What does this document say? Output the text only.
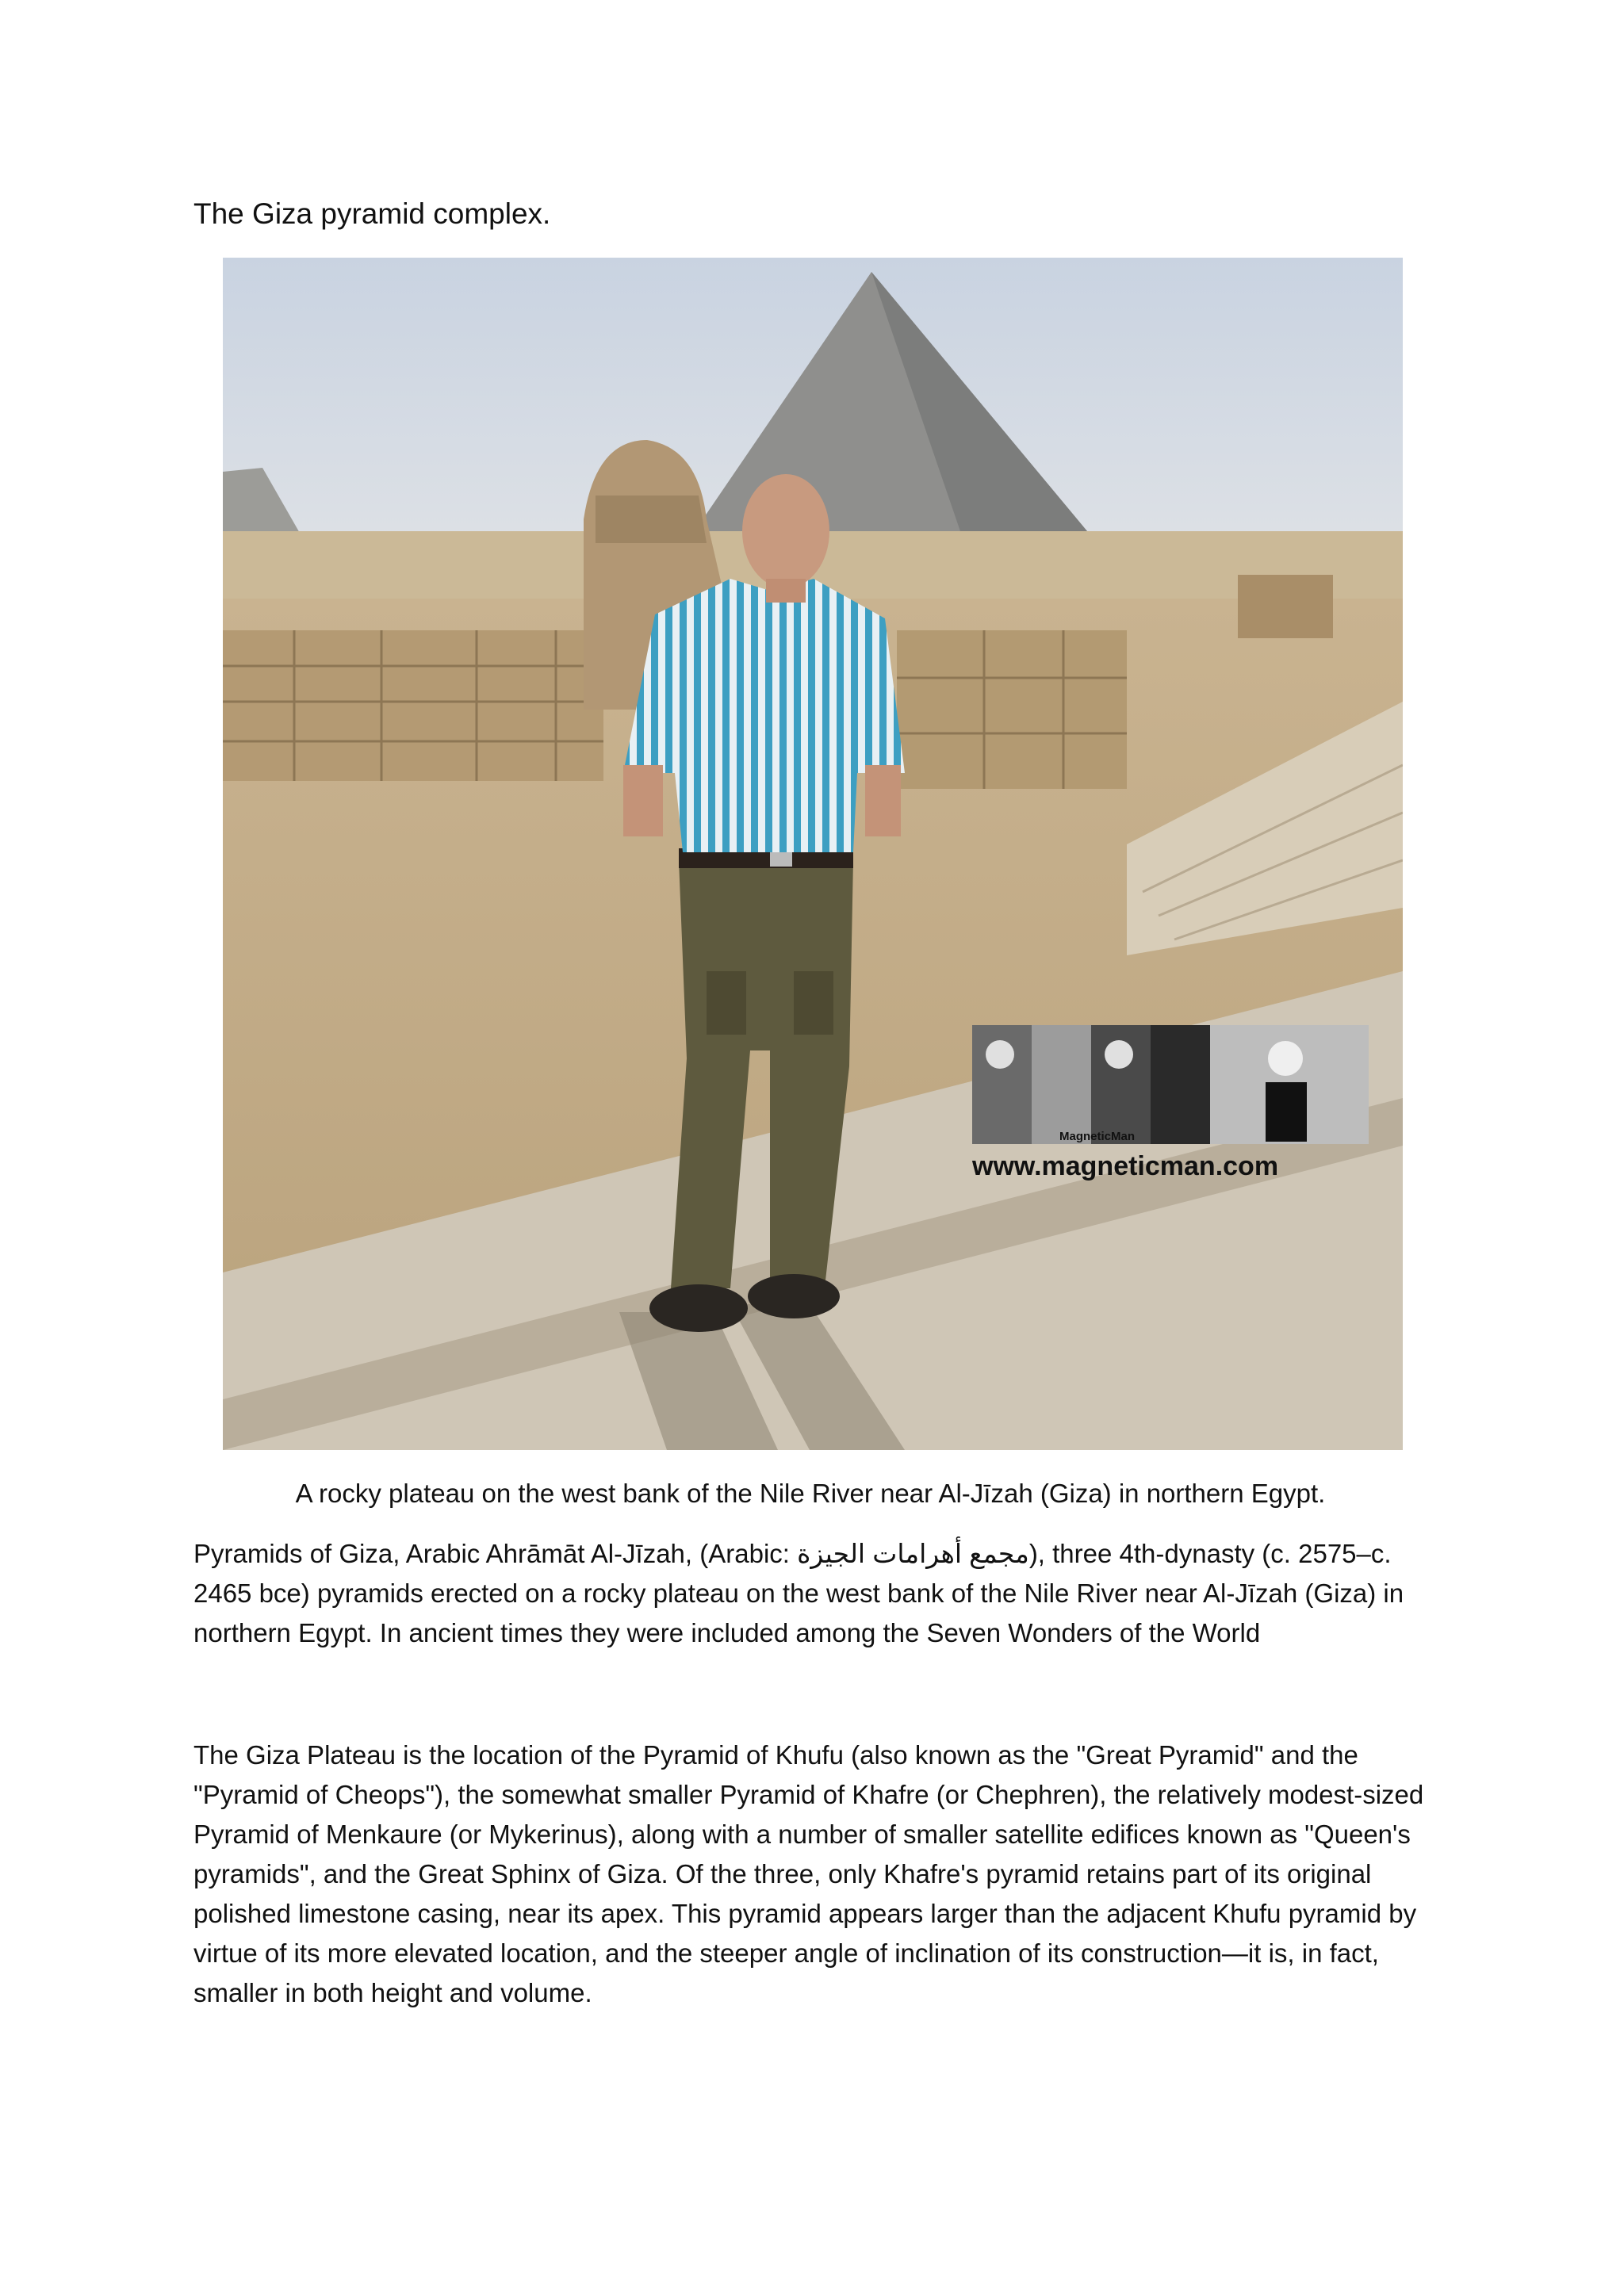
The Giza pyramid complex.
MagneticMan
www.magneticman.com

A rocky plateau on the west bank of the Nile River near Al-Jīzah (Giza) in northern Egypt.

Pyramids of Giza, Arabic Ahrāmāt Al-Jīzah, (Arabic: مجمع أهرامات الجيزة), three 4th-dynasty (c. 2575–c. 2465 bce) pyramids erected on a rocky plateau on the west bank of the Nile River near Al-Jīzah (Giza) in northern Egypt. In ancient times they were included among the Seven Wonders of the World

The Giza Plateau is the location of the Pyramid of Khufu (also known as the "Great Pyramid" and the "Pyramid of Cheops"), the somewhat smaller Pyramid of Khafre (or Chephren), the relatively modest-sized Pyramid of Menkaure (or Mykerinus), along with a number of smaller satellite edifices known as "Queen's pyramids", and the Great Sphinx of Giza. Of the three, only Khafre's pyramid retains part of its original polished limestone casing, near its apex. This pyramid appears larger than the adjacent Khufu pyramid by virtue of its more elevated location, and the steeper angle of inclination of its construction—it is, in fact, smaller in both height and volume.
